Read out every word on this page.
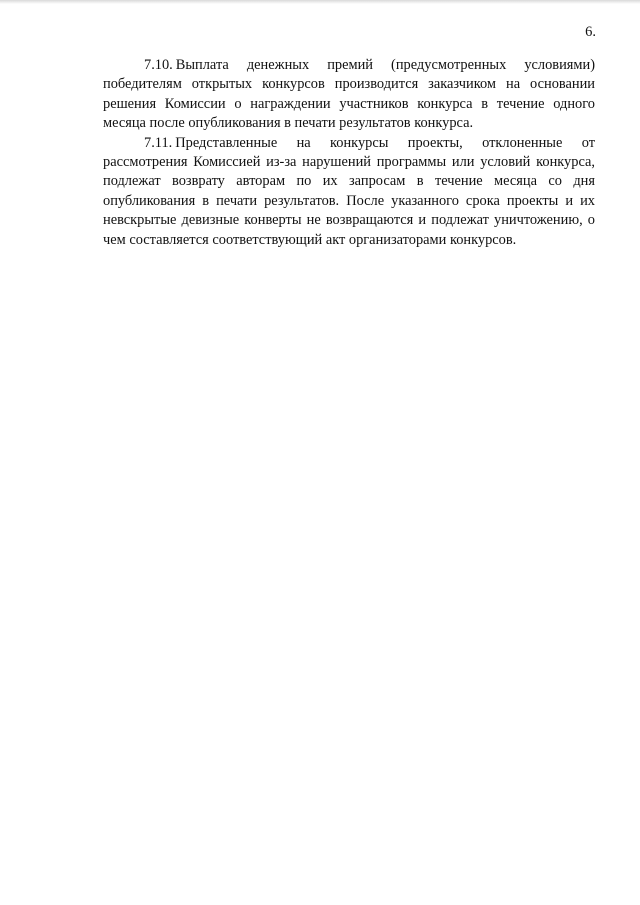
6.

7.10. Выплата денежных премий (предусмотренных условиями) победителям открытых конкурсов производится заказчиком на основании решения Комиссии о награждении участников конкурса в течение одного месяца после опубликования в печати результатов конкурса.

7.11. Представленные на конкурсы проекты, отклоненные от рассмотрения Комиссией из-за нарушений программы или условий конкурса, подлежат возврату авторам по их запросам в течение месяца со дня опубликования в печати результатов. После указанного срока проекты и их невскрытые девизные конверты не возвращаются и подлежат уничтожению, о чем составляется соответствующий акт организаторами конкурсов.
